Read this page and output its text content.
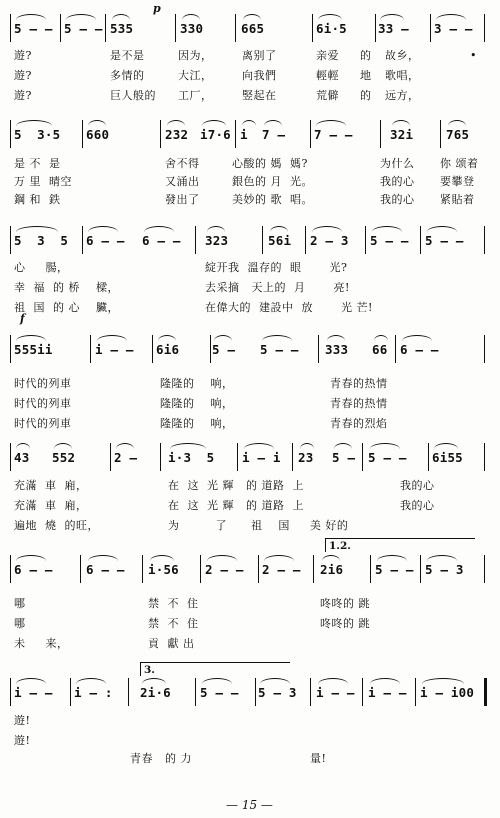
p
f
5 — — 5 — — 535	330	665	6i·5 33 — 3 — —
遊?	是不是	因为，	离别了	亲爱 的 故乡，	•
遊?	多情的	大江，	向我們	輕輕 地 歌唱，
遊?	巨人般的 工厂，	竪起在	荒僻 的 远方，
5  3·5 660	232 i7·6 i 7 — 7 — —	32i	765
是 不  是	舍不得	心酸的 媽  媽?	为什么 你 颂着
万 里  晴空	又涌出	銀色的 月  光。	我的心 要攀登
鋼 和  鉄	發出了	美妙的 歌  唱。	我的心 紧貼着
5  3  5 6 — — 6 — — 323	56i 2 — 3 5 — — 5 — —
心     腸，	綻开我  溫存的  眼       光?
幸  福  的 桥    樑，	去采摘   天上的  月       亮!
祖  国  的 心    臟，	在偉大的  建設中  放       光 芒!
555ii	i — — 6i6	5 — 5 — — 333 66 6 — —
时代的列車	隆隆的    响，	青春的热情
时代的列車	隆隆的    响，	青春的热情
时代的列車	隆隆的    响，	青春的烈焰
43 552	2 — i·3  5 i — i 23 5 — 5 — — 6i55
充滿  車  廂，	在  这  光 輝   的 道路  上	我的心
充滿  車  廂，	在  这  光 輝   的 道路  上	我的心
遍地  燒  的旺，	为         了      祖    国     美 好的
6 — —	6 — — i·56 2 — — 2 — — 2i6	5 — — 5 — 3
1.2.
哪	禁  不  住	咚咚的 跳
哪	禁  不  住	咚咚的 跳
未     来，	貢  獻 出
i — — i — : 2i·6 5 — — 5 — 3 i — — i — — i — i00
3.
遊!
遊!
青春   的 力	量!
— 15 —
